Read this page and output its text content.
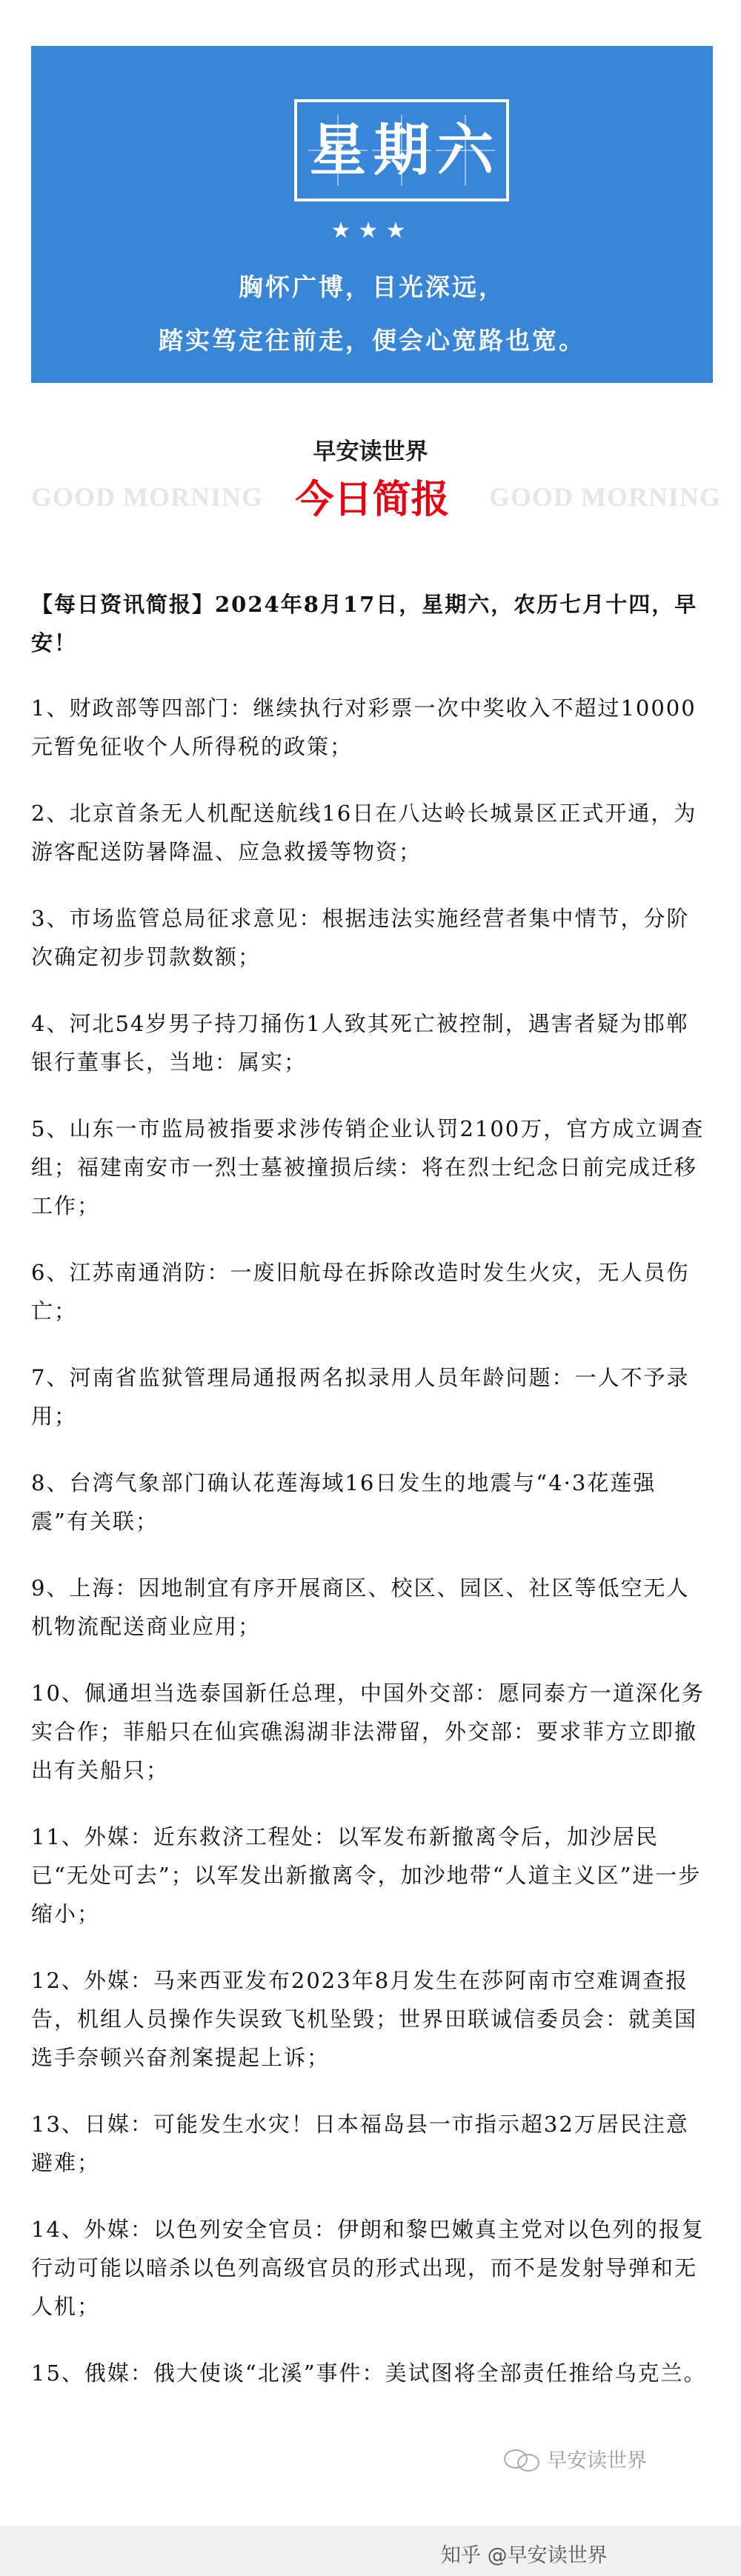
星 期 六
★★★
胸怀广博，目光深远，
踏实笃定往前走，便会心宽路也宽。
早安读世界
GOOD MORNING 今日简报	GOOD MORNING

【每日资讯简报】2024年8月17日，星期六，农历七月十四，早安！

1、财政部等四部门：继续执行对彩票一次中奖收入不超过10000元暂免征收个人所得税的政策；

2、北京首条无人机配送航线16日在八达岭长城景区正式开通，为游客配送防暑降温、应急救援等物资；

3、市场监管总局征求意见：根据违法实施经营者集中情节，分阶次确定初步罚款数额；

4、河北54岁男子持刀捅伤1人致其死亡被控制，遇害者疑为邯郸银行董事长，当地：属实；

5、山东一市监局被指要求涉传销企业认罚2100万，官方成立调查组；福建南安市一烈士墓被撞损后续：将在烈士纪念日前完成迁移工作；

6、江苏南通消防：一废旧航母在拆除改造时发生火灾，无人员伤亡；

7、河南省监狱管理局通报两名拟录用人员年龄问题：一人不予录用；

8、台湾气象部门确认花莲海域16日发生的地震与“4·3花莲强震”有关联；

9、上海：因地制宜有序开展商区、校区、园区、社区等低空无人机物流配送商业应用；

10、佩通坦当选泰国新任总理，中国外交部：愿同泰方一道深化务实合作；菲船只在仙宾礁潟湖非法滞留，外交部：要求菲方立即撤出有关船只；

11、外媒：近东救济工程处：以军发布新撤离令后，加沙居民已“无处可去”；以军发出新撤离令，加沙地带“人道主义区”进一步缩小；

12、外媒：马来西亚发布2023年8月发生在莎阿南市空难调查报告，机组人员操作失误致飞机坠毁；世界田联诚信委员会：就美国选手奈顿兴奋剂案提起上诉；

13、日媒：可能发生水灾！日本福岛县一市指示超32万居民注意避难；

14、外媒：以色列安全官员：伊朗和黎巴嫩真主党对以色列的报复行动可能以暗杀以色列高级官员的形式出现，而不是发射导弹和无人机；

15、俄媒：俄大使谈“北溪”事件：美试图将全部责任推给乌克兰。

早安读世界
知乎 @早安读世界
